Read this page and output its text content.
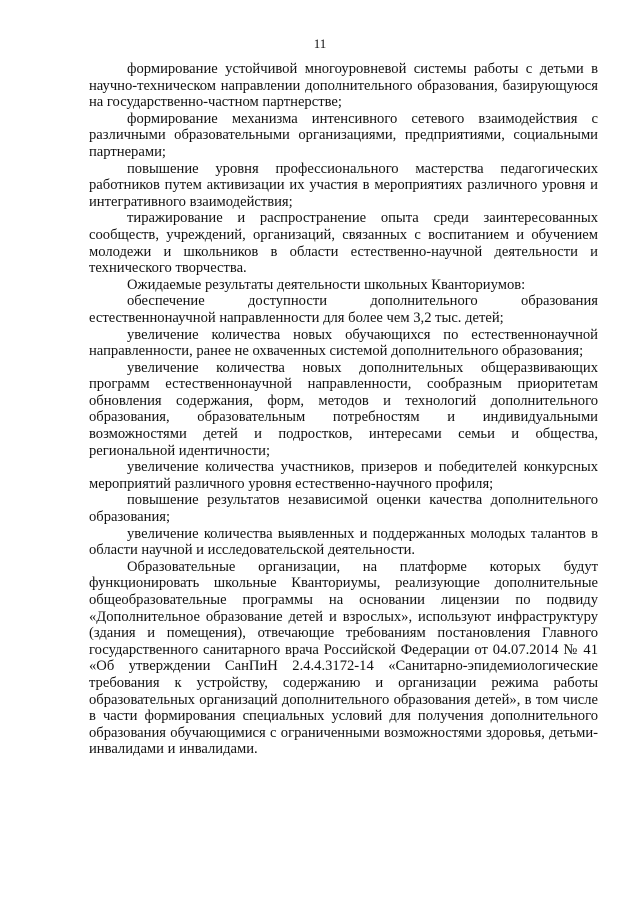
11

формирование устойчивой многоуровневой системы работы с детьми в научно-техническом направлении дополнительного образования, базирующуюся на государственно-частном партнерстве;

формирование механизма интенсивного сетевого взаимодействия с различными образовательными организациями, предприятиями, социальными партнерами;

повышение уровня профессионального мастерства педагогических работников путем активизации их участия в мероприятиях различного уровня и интегративного взаимодействия;

тиражирование и распространение опыта среди заинтересованных сообществ, учреждений, организаций, связанных с воспитанием и обучением молодежи и школьников в области естественно-научной деятельности и технического творчества.

Ожидаемые результаты деятельности школьных Кванториумов:

обеспечение доступности дополнительного образования естественнонаучной направленности для более чем 3,2 тыс. детей;

увеличение количества новых обучающихся по естественнонаучной направленности, ранее не охваченных системой дополнительного образования;

увеличение количества новых дополнительных общеразвивающих программ естественнонаучной направленности, сообразным приоритетам обновления содержания, форм, методов и технологий дополнительного образования, образовательным потребностям и индивидуальными возможностями детей и подростков, интересами семьи и общества, региональной идентичности;

увеличение количества участников, призеров и победителей конкурсных мероприятий различного уровня естественно-научного профиля;

повышение результатов независимой оценки качества дополнительного образования;

увеличение количества выявленных и поддержанных молодых талантов в области научной и исследовательской деятельности.

Образовательные организации, на платформе которых будут функционировать школьные Кванториумы, реализующие дополнительные общеобразовательные программы на основании лицензии по подвиду «Дополнительное образование детей и взрослых», используют инфраструктуру (здания и помещения), отвечающие требованиям постановления Главного государственного санитарного врача Российской Федерации от 04.07.2014 № 41 «Об утверждении СанПиН 2.4.4.3172-14 «Санитарно-эпидемиологические требования к устройству, содержанию и организации режима работы образовательных организаций дополнительного образования детей», в том числе в части формирования специальных условий для получения дополнительного образования обучающимися с ограниченными возможностями здоровья, детьми-инвалидами и инвалидами.
